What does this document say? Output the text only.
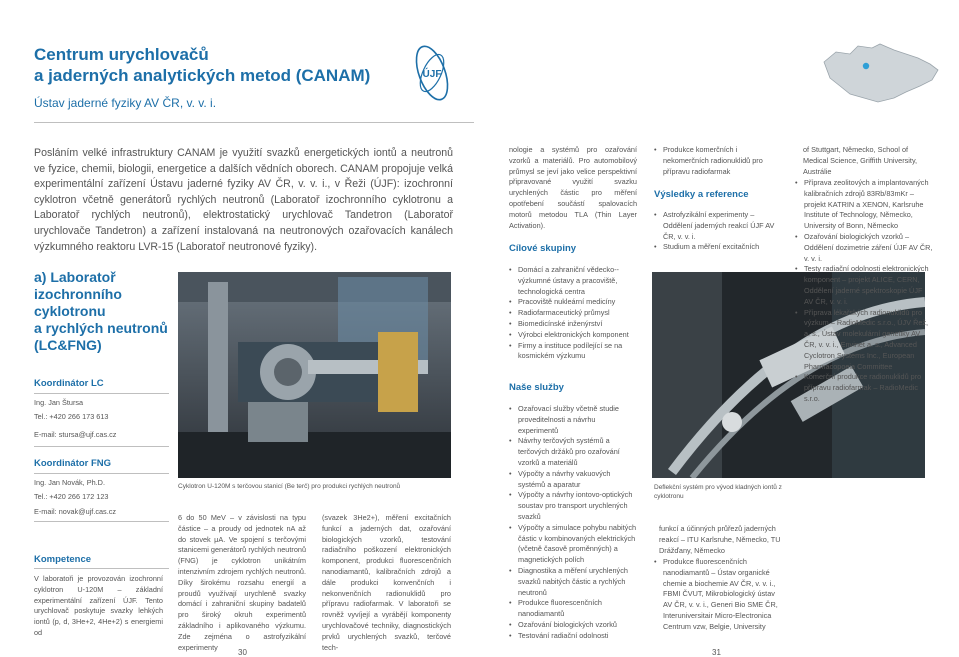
Centrum urychlovačů
a jaderných analytických metod (CANAM)
Ústav jaderné fyziky AV ČR, v. v. i.
ÚJF
Posláním velké infrastruktury CANAM je využití svazků energetických iontů a neutronů ve fyzice, chemii, biologii, energetice a dalších vědních oborech. CANAM propojuje velká experimentální zařízení Ústavu jaderné fyziky AV ČR, v. v. i., v Řeži (ÚJF): izochronní cyklotron včetně generátorů rychlých neutronů (Laboratoř izochronního cyklotronu a Laboratoř rychlých neutronů), elektrostatický urychlovač Tandetron (Laboratoř urychlovače Tandetron) a zařízení instalovaná na neutronových ozařovacích kanálech výzkumného reaktoru LVR-15 (Laboratoř neutronové fyziky).
a) Laboratoř
izochronního
cyklotronu
a rychlých neutronů
(LC&FNG)
Koordinátor LC
Ing. Jan Štursa
Tel.: +420 266 173 613
E-mail: stursa@ujf.cas.cz
Koordinátor FNG
Ing. Jan Novák, Ph.D.
Tel.: +420 266 172 123
E-mail: novak@ujf.cas.cz
Kompetence
V laboratoři je provozován izochronní cyklotron U-120M – základní experimentální zařízení ÚJF. Tento urychlovač poskytuje svazky lehkých iontů (p, d, 3He+2, 4He+2) s energiemi od
Cyklotron U-120M s terčovou stanicí (Be terč) pro produkci rychlých neutronů
6 do 50 MeV – v závislosti na typu částice – a proudy od jednotek nA až do stovek μA. Ve spojení s terčovými stanicemi generátorů rychlých neutronů (FNG) je cyklotron unikátním intenzivním zdrojem rychlých neutronů. Díky širokému rozsahu energií a proudů využívají urychleně svazky domácí i zahraniční skupiny badatelů pro široký okruh experimentů základního i aplikovaného výzkumu. Zde zejména o astrofyzikální experimenty
(svazek 3He2+), měření excitačních funkcí a jaderných dat, ozařování biologických vzorků, testování radiačního poškození elektronických komponent, produkci fluorescenčních nanodiamantů, kalibračních zdrojů a dále produkci konvenčních i nekonvenčních radionuklidů pro přípravu radiofarmak. V laboratoři se rovněž vyvíjejí a vyrábějí komponenty urychlovačové techniky, diagnostických prvků urychlených svazků, terčové tech-
nologie a systémů pro ozařování vzorků a materiálů. Pro automobilový průmysl se jeví jako velice perspektivní připravované využití svazku urychlených částic pro měření opotřebení součástí spalovacích motorů metodou TLA (Thin Layer Activation).
Cílové skupiny
• Domácí a zahraniční vědecko--výzkumné ústavy a pracoviště, technologická centra
• Pracoviště nukleární medicíny
• Radiofarmaceutický průmysl
• Biomedicínské inženýrství
• Výrobci elektronických komponent
• Firmy a instituce podílející se na kosmickém výzkumu
Naše služby
• Ozařovací služby včetně studie proveditelnosti a návrhu experimentů
• Návrhy terčových systémů a terčových držáků pro ozařování vzorků a materiálů
• Výpočty a návrhy vakuových systémů a aparatur
• Výpočty a návrhy iontovo-optických soustav pro transport urychlených svazků
• Výpočty a simulace pohybu nabitých částic v kombinovaných elektrických (včetně časově proměnných) a magnetických polích
• Diagnostika a měření urychlených svazků nabitých částic a rychlých neutronů
• Produkce fluorescenčních nanodiamantů
• Ozařování biologických vzorků
• Testování radiační odolnosti
• Produkce komerčních i nekomerčních radionuklidů pro přípravu radiofarmak
Výsledky a reference
• Astrofyzikální experimenty – Oddělení jaderných reakcí ÚJF AV ČR, v. v. i.
• Studium a měření excitačních
Deflekční systém pro vývod kladných iontů z cyklotronu
funkcí a účinných průřezů jaderných reakcí – ITU Karlsruhe, Německo, TU Drážďany, Německo
• Produkce fluorescenčních nanodiamantů – Ústav organické chemie a biochemie AV ČR, v. v. i., FBMI ČVUT, Mikrobiologický ústav AV ČR, v. v. i., Generi Bio SME ČR, Interuniversitair Micro-Electronica Centrum vzw, Belgie, University
of Stuttgart, Německo, School of Medical Science, Griffith University, Austrálie
• Příprava zeolitových a implantovaných kalibračních zdrojů 83Rb/83mKr – projekt KATRIN a XENON, Karlsruhe Institute of Technology, Německo, University of Bonn, Německo
• Ozařování biologických vzorků – Oddělení dozimetrie záření ÚJF AV ČR, v. v. i.
• Testy radiační odolnosti elektronických komponent – projekt ALICE, CERN, Oddělení jaderné spektroskopie ÚJF AV ČR, v. v. i.
• Příprava lékařských radionuklidů pro výzkum – RadioMedic s.r.o., ÚJV Řež, a. s., Ústav molekulární genetiky AV ČR, v. v. i., Envinet a. s., Advanced Cyclotron Systems Inc., European Pharmacopoeia Committee
• Komerční produkce radionuklidů pro přípravu radiofarmak – RadioMedic s.r.o.
30	31
